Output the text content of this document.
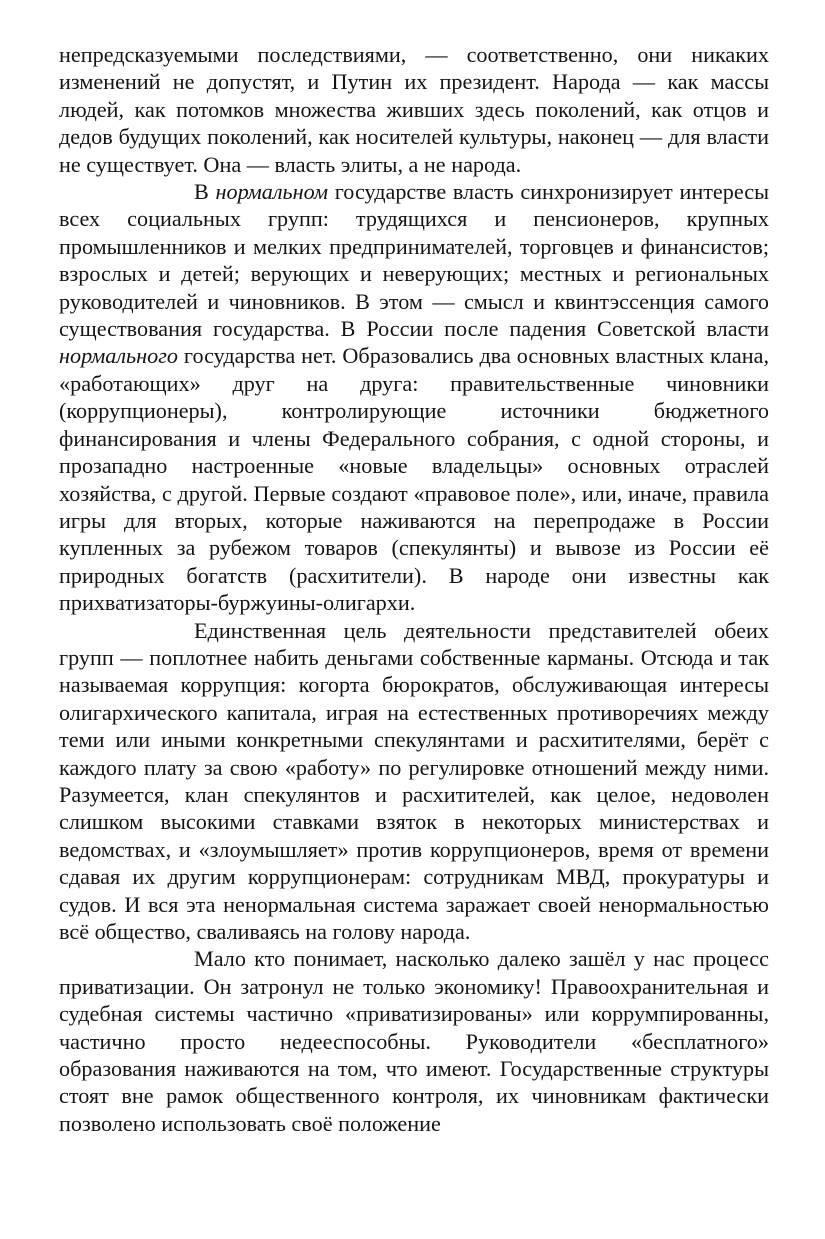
непредсказуемыми последствиями, — соответственно, они никаких изменений не допустят, и Путин их президент. Народа — как массы людей, как потомков множества живших здесь поколений, как отцов и дедов будущих поколений, как носителей культуры, наконец — для власти не существует. Она — власть элиты, а не народа.

В нормальном государстве власть синхронизирует интересы всех социальных групп: трудящихся и пенсионеров, крупных промышленников и мелких предпринимателей, торговцев и финансистов; взрослых и детей; верующих и неверующих; местных и региональных руководителей и чиновников. В этом — смысл и квинтэссенция самого существования государства. В России после падения Советской власти нормального государства нет. Образовались два основных властных клана, «работающих» друг на друга: правительственные чиновники (коррупционеры), контролирующие источники бюджетного финансирования и члены Федерального собрания, с одной стороны, и прозападно настроенные «новые владельцы» основных отраслей хозяйства, с другой. Первые создают «правовое поле», или, иначе, правила игры для вторых, которые наживаются на перепродаже в России купленных за рубежом товаров (спекулянты) и вывозе из России её природных богатств (расхитители). В народе они известны как прихватизаторы-буржуины-олигархи.

Единственная цель деятельности представителей обеих групп — поплотнее набить деньгами собственные карманы. Отсюда и так называемая коррупция: когорта бюрократов, обслуживающая интересы олигархического капитала, играя на естественных противоречиях между теми или иными конкретными спекулянтами и расхитителями, берёт с каждого плату за свою «работу» по регулировке отношений между ними. Разумеется, клан спекулянтов и расхитителей, как целое, недоволен слишком высокими ставками взяток в некоторых министерствах и ведомствах, и «злоумышляет» против коррупционеров, время от времени сдавая их другим коррупционерам: сотрудникам МВД, прокуратуры и судов. И вся эта ненормальная система заражает своей ненормальностью всё общество, сваливаясь на голову народа.

Мало кто понимает, насколько далеко зашёл у нас процесс приватизации. Он затронул не только экономику! Правоохранительная и судебная системы частично «приватизированы» или коррумпированны, частично просто недееспособны. Руководители «бесплатного» образования наживаются на том, что имеют. Государственные структуры стоят вне рамок общественного контроля, их чиновникам фактически позволено использовать своё положение
